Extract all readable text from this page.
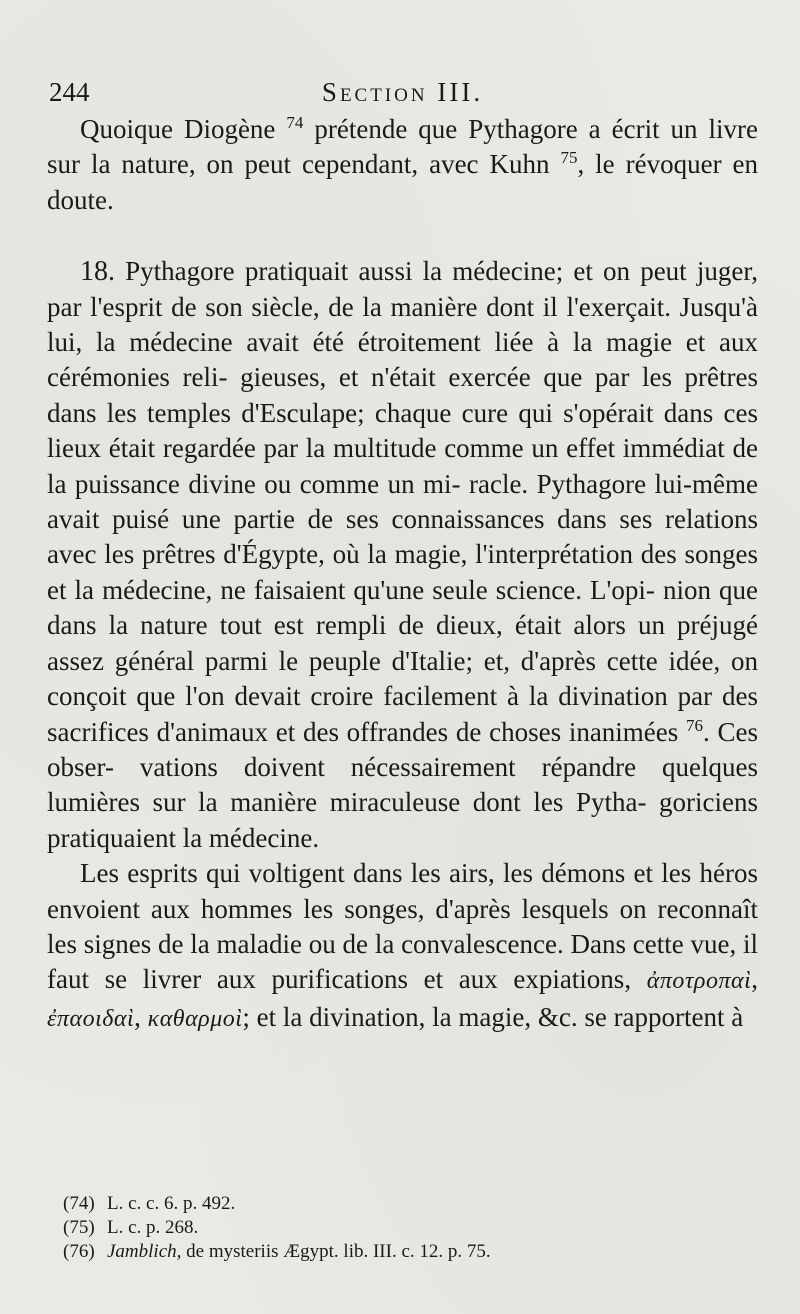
244	Section III.

Quoique Diogène $^{74}$ prétende que Pythagore a écrit un livre sur la nature, on peut cependant, avec Kuhn $^{75}$, le révoquer en doute.

18. Pythagore pratiquait aussi la médecine; et on peut juger, par l'esprit de son siècle, de la manière dont il l'exerçait. Jusqu'à lui, la médecine avait été étroitement liée à la magie et aux cérémonies reli- gieuses, et n'était exercée que par les prêtres dans les temples d'Esculape; chaque cure qui s'opérait dans ces lieux était regardée par la multitude comme un effet immédiat de la puissance divine ou comme un mi- racle. Pythagore lui-même avait puisé une partie de ses connaissances dans ses relations avec les prêtres d'Égypte, où la magie, l'interprétation des songes et la médecine, ne faisaient qu'une seule science. L'opi- nion que dans la nature tout est rempli de dieux, était alors un préjugé assez général parmi le peuple d'Italie; et, d'après cette idée, on conçoit que l'on devait croire facilement à la divination par des sacrifices d'animaux et des offrandes de choses inanimées $^{76}$. Ces obser- vations doivent nécessairement répandre quelques lumières sur la manière miraculeuse dont les Pytha- goriciens pratiquaient la médecine.

Les esprits qui voltigent dans les airs, les démons et les héros envoient aux hommes les songes, d'après lesquels on reconnaît les signes de la maladie ou de la convalescence. Dans cette vue, il faut se livrer aux purifications et aux expiations, ἀποτροπαὶ, ἐπαοιδαὶ, καθαρμοὶ; et la divination, la magie, &c. se rapportent à

(74) L. c. c. 6. p. 492.
(75) L. c. p. 268.
(76) Jamblich, de mysteriis Ægypt. lib. III. c. 12. p. 75.
